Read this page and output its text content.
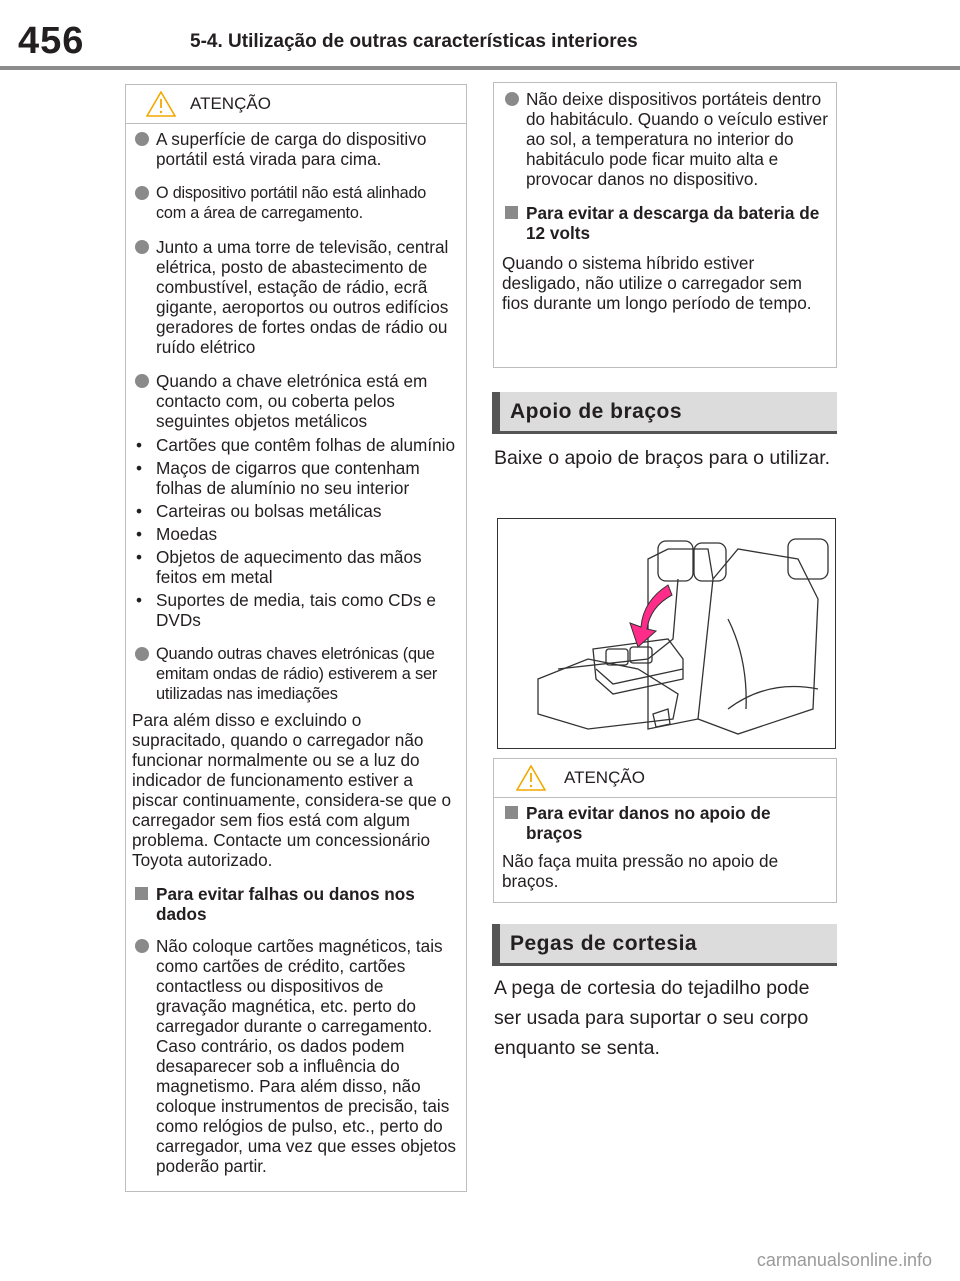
456	5-4. Utilização de outras características interiores
ATENÇÃO
A superfície de carga do dispositivo portátil está virada para cima.
O dispositivo portátil não está alinhado com a área de carregamento.
Junto a uma torre de televisão, central elétrica, posto de abastecimento de combustível, estação de rádio, ecrã gigante, aeroportos ou outros edifícios geradores de fortes ondas de rádio ou ruído elétrico
Quando a chave eletrónica está em contacto com, ou coberta pelos seguintes objetos metálicos
• Cartões que contêm folhas de alumínio
• Maços de cigarros que contenham folhas de alumínio no seu interior
• Carteiras ou bolsas metálicas
• Moedas
• Objetos de aquecimento das mãos feitos em metal
• Suportes de media, tais como CDs e DVDs
Quando outras chaves eletrónicas (que emitam ondas de rádio) estiverem a ser utilizadas nas imediações

Para além disso e excluindo o supracitado, quando o carregador não funcionar normalmente ou se a luz do indicador de funcionamento estiver a piscar continuamente, considera-se que o carregador sem fios está com algum problema. Contacte um concessionário Toyota autorizado.

Para evitar falhas ou danos nos dados
Não coloque cartões magnéticos, tais como cartões de crédito, cartões contactless ou dispositivos de gravação magnética, etc. perto do carregador durante o carregamento. Caso contrário, os dados podem desaparecer sob a influência do magnetismo. Para além disso, não coloque instrumentos de precisão, tais como relógios de pulso, etc., perto do carregador, uma vez que esses objetos poderão partir.
Não deixe dispositivos portáteis dentro do habitáculo. Quando o veículo estiver ao sol, a temperatura no interior do habitáculo pode ficar muito alta e provocar danos no dispositivo.
Para evitar a descarga da bateria de 12 volts

Quando o sistema híbrido estiver desligado, não utilize o carregador sem fios durante um longo período de tempo.

Apoio de braços
Baixe o apoio de braços para o utilizar.
ATENÇÃO
Para evitar danos no apoio de braços

Não faça muita pressão no apoio de braços.

Pegas de cortesia
A pega de cortesia do tejadilho pode ser usada para suportar o seu corpo enquanto se senta.
carmanualsonline.info
